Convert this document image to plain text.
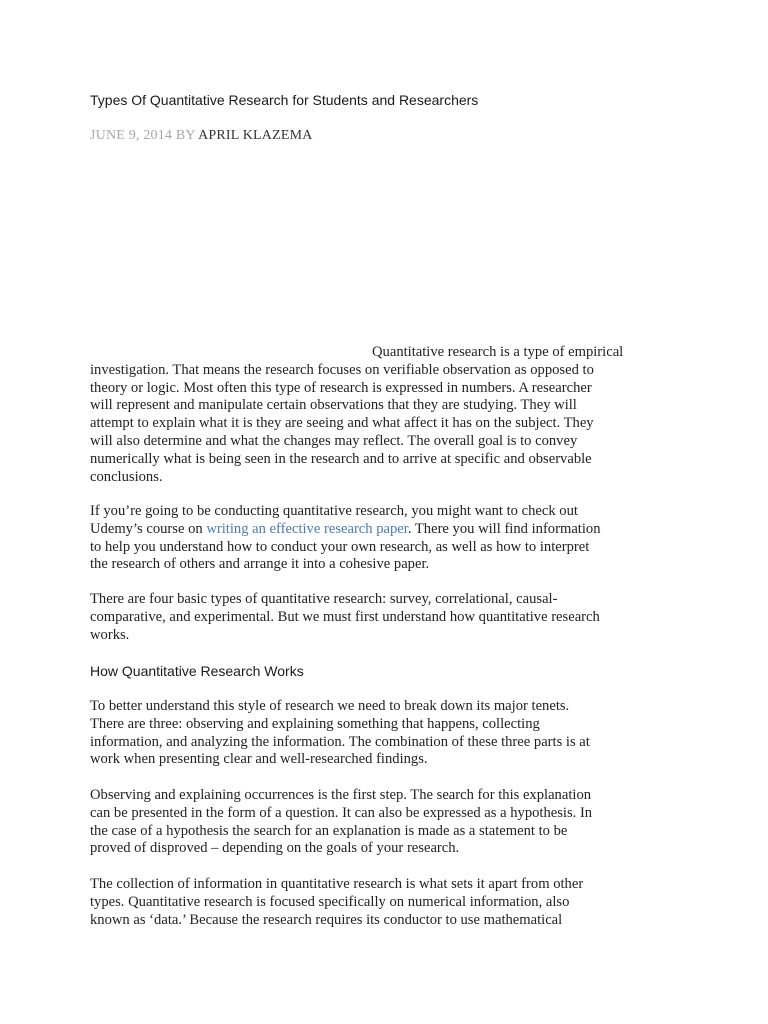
Types Of Quantitative Research for Students and Researchers
JUNE 9, 2014 BY APRIL KLAZEMA
Quantitative research is a type of empirical
investigation. That means the research focuses on verifiable observation as opposed to
theory or logic. Most often this type of research is expressed in numbers. A researcher
will represent and manipulate certain observations that they are studying. They will
attempt to explain what it is they are seeing and what affect it has on the subject. They
will also determine and what the changes may reflect. The overall goal is to convey
numerically what is being seen in the research and to arrive at specific and observable
conclusions.
If you’re going to be conducting quantitative research, you might want to check out
Udemy’s course on writing an effective research paper. There you will find information
to help you understand how to conduct your own research, as well as how to interpret
the research of others and arrange it into a cohesive paper.
There are four basic types of quantitative research: survey, correlational, causal-
comparative, and experimental. But we must first understand how quantitative research
works.
How Quantitative Research Works
To better understand this style of research we need to break down its major tenets.
There are three: observing and explaining something that happens, collecting
information, and analyzing the information. The combination of these three parts is at
work when presenting clear and well-researched findings.
Observing and explaining occurrences is the first step. The search for this explanation
can be presented in the form of a question. It can also be expressed as a hypothesis. In
the case of a hypothesis the search for an explanation is made as a statement to be
proved of disproved – depending on the goals of your research.
The collection of information in quantitative research is what sets it apart from other
types. Quantitative research is focused specifically on numerical information, also
known as ‘data.’ Because the research requires its conductor to use mathematical
